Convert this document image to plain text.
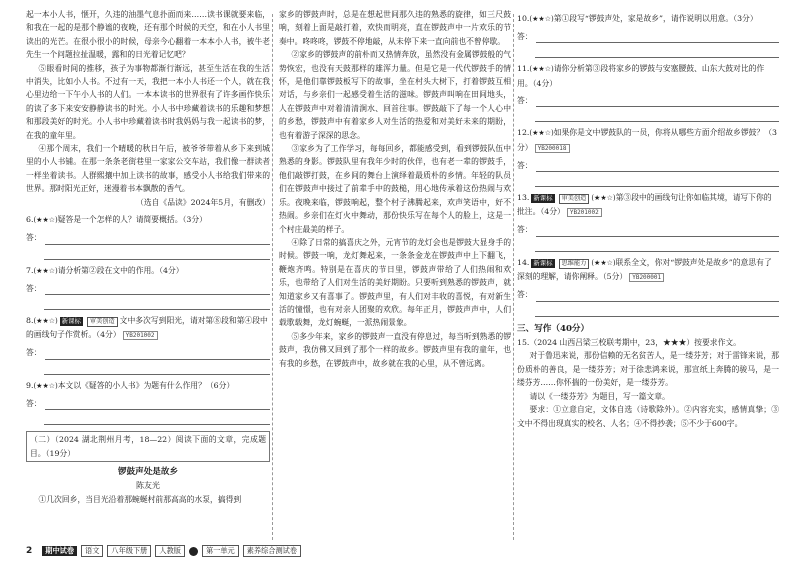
起一本小人书，惬开，久违的油墨气息扑面而来……读书课就要来临，和我在一起的是那个静谧的夜晚，还有那个时候的天空，和在小人书里读出的光芒。在很小很小的时候，母亲今心翻着一本本小人书，被牛老先生一个问题拉扯温暖，露和的日光着记忆吧？

⑤眼看时间的推移，孩子为事物都渐行渐远，甚至生活在我的生活中消失，比如小人书。不过有一天，我把一本小人书还一个人，就在我心里边给一下午小人书的人们。一本本读书的世界很有了许多画作快乐的读了多下来安安静静读书的时光。小人书中珍藏着读书的乐趣和梦想和那段美好的时光。小人书中珍藏着读书时我妈妈与我一起读书的梦，在我的童年里。

④那个周末，我们一个晴暖的秋日午后，被爷爷带着从乡下来到城里的小人书铺。在那一条条老街巷里一家家公交车站，我们像一群读者一样坐着读书。人群熙攘中加上读书的故事，感受小人书给我们带来的世界。那时阳光正好，迷漫着书本飘散的香气。

（选自《品读》2024年5月，有删改）

6.(★★☆)疑答是一个怎样的人？请简要概括。（3分）
答：
7.(★★☆)请分析第②段在文中的作用。（4分）
答：
8.(★★☆) 新课标 审美创造 文中多次写到阳光，请对第⑧段和第④段中的画线句子作赏析。（4分） YB201002
答：
9.(★★☆)本文以《疑答的小人书》为题有什么作用？（6分）
答：

（二）（2024 湖北荆州月考，18—22）阅读下面的文章，完成题目。（19分）

锣鼓声处是故乡

陈友光

①几次回乡，当目光沿着那蜿蜒村前那高高的水泵，搞得到

家乡的锣鼓声时，总是在想起世间那久违的熟悉的旋律，如三尺鼓响，刻着上面是敲打着，欢快而明亮，直在锣鼓声中一片欢乐的节奏中。咚咚咚，锣鼓不停地敲，从未停下来一直向前也不曾停歇。

②家乡的锣鼓声的前朴而又热情奔放，虽然没有金属锣鼓般的气势恢宏，也没有天鼓那样的雄浑力量。但是它是一代代锣鼓手的情怀，是他们靠锣鼓板写下的故事，坐在村头大树下，打着锣鼓互相对话，与乡亲们一起感受着生活的滋味。锣鼓声叫响在田间地头，人在锣鼓声中对着清清涧水、回首往事。锣鼓敲下了每一个人心中的乡愁，锣鼓声中有着家乡人对生活的热爱和对美好未来的期盼，也有着游子深深的思念。

③家乡为了工作学习，每每回乡，都能感受到，看到锣鼓队伍中熟悉的身影。锣鼓队里有我年少时的伙伴，也有老一辈的锣鼓手，他们敲锣打鼓，在乡间的舞台上演绎着最质朴的乡情。年轻的队员们在锣鼓声中接过了前辈手中的鼓槌，用心地传承着这份热闹与欢乐。夜晚来临，锣鼓响起，整个村子沸腾起来，欢声笑语中，好不热闹。乡亲们在灯火中舞动，那份快乐写在每个人的脸上，这是一个村庄最美的样子。

④除了日常的搞喜庆之外，元宵节的龙灯会也是锣鼓大显身手的时候。锣鼓一响，龙灯舞起来，一条条金龙在锣鼓声中上下翻飞，鞭炮齐鸣。特别是在喜庆的节日里，锣鼓声带给了人们热闹和欢乐，也带给了人们对生活的美好期盼。只要听到熟悉的锣鼓声，就知道家乡又有喜事了。锣鼓声里，有人们对丰收的喜悦，有对新生活的憧憬，也有对亲人团聚的欢欣。每年正月，锣鼓声声中，人们载歌载舞，龙灯蜿蜒，一派热闹景象。

⑤多少年来，家乡的锣鼓声一直没有停息过，每当听到熟悉的锣鼓声，我仿佛又回到了那个一样的故乡。锣鼓声里有我的童年，也有我的乡愁，在锣鼓声中，故乡就在我的心里，从不曾远离。

10.(★★☆)第①段写“锣鼓声处，家是故乡”，请作说明以用意。（3分）
答：
11.(★★☆)请你分析第③段将家乡的锣鼓与安塞腰鼓、山东大鼓对比的作用。（4分）
答：
12.(★★☆)如果你是文中锣鼓队的一员，你将从哪些方面介绍故乡锣鼓？（3分） YB200018
答：
13. 新课标 审美创造 (★★☆)第③段中的画线句让你如临其境，请写下你的批注。（4分） YB201002
答：
14. 新课标 思维能力 (★★☆)联系全文，你对“锣鼓声处是故乡”的意思有了深刻的理解，请你阐释。（5分） YB200001
答：

三、写作（40分）

15.（2024 山西吕梁三校联考期中，23，★★★）按要求作文。

对于鲁迅来说，那份信赖的无名贫苦人，是一缕芬芳；对于雷锋来说，那份质朴的善良，是一缕芬芳；对于徐悲鸿来说，那宣纸上奔腾的骏马，是一缕芬芳……你怀揣的一份美好，是一缕芬芳。

请以《一缕芬芳》为题目，写一篇文章。

要求：①立意自定，文体自选（诗歌除外）。②内容充实，感情真挚；③文中不得出现真实的校名、人名；④不得抄袭；⑤不少于600字。

2	期中试卷	语文	八年级下册	人教版	第一单元	素养综合测试卷
